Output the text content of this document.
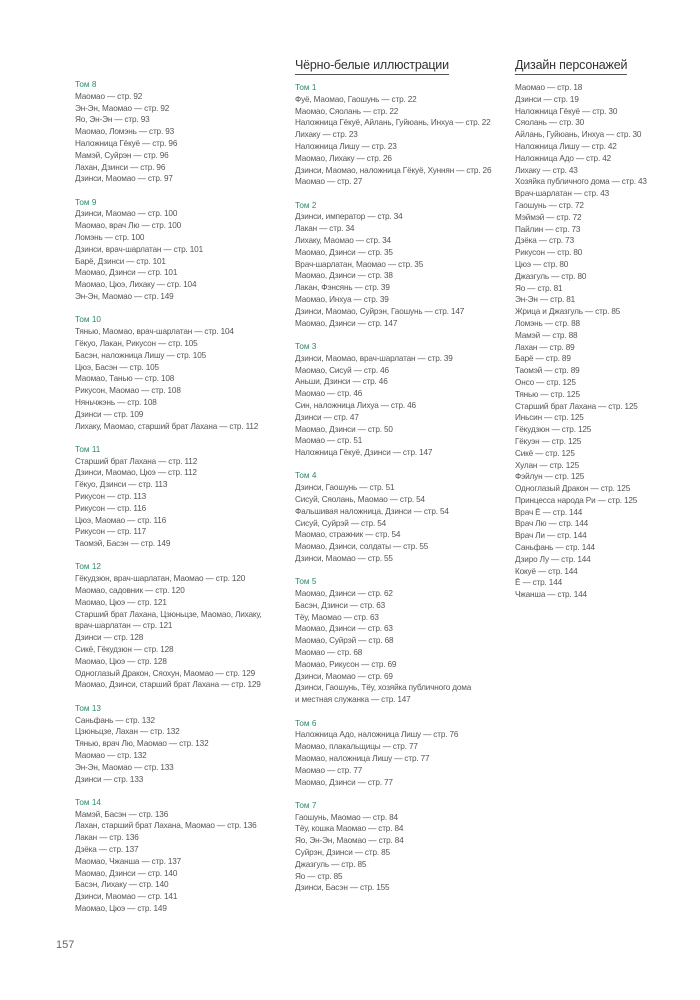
Том 8
Маомао — стр. 92
Эн-Эн, Маомао — стр. 92
Яо, Эн-Эн — стр. 93
Маомао, Ломэнь — стр. 93
Наложница Гёкуё — стр. 96
Мамэй, Суйрэн — стр. 96
Лахан, Дзинси — стр. 96
Дзинси, Маомао — стр. 97
Том 9
Дзинси, Маомао — стр. 100
Маомао, врач Лю — стр. 100
Ломэнь — стр. 100
Дзинси, врач-шарлатан — стр. 101
Барё, Дзинси — стр. 101
Маомао, Дзинси — стр. 101
Маомао, Цюэ, Лихаку — стр. 104
Эн-Эн, Маомао — стр. 149
Том 10
Тянью, Маомао, врач-шарлатан — стр. 104
Гёкуо, Лакан, Рикусон — стр. 105
Басэн, наложница Лишу — стр. 105
Цюэ, Басэн — стр. 105
Маомао, Танью — стр. 108
Рикусон, Маомао — стр. 108
Няньчжэнь — стр. 108
Дзинси — стр. 109
Лихаку, Маомао, старший брат Лахана — стр. 112
Том 11
Старший брат Лахана — стр. 112
Дзинси, Маомао, Цюэ — стр. 112
Гёкуо, Дзинси — стр. 113
Рикусон — стр. 113
Рикусон — стр. 116
Цюэ, Маомао — стр. 116
Рикусон — стр. 117
Таомэй, Басэн — стр. 149
Том 12
Гёкудзюн, врач-шарлатан, Маомао — стр. 120
Маомао, садовник — стр. 120
Маомао, Цюэ — стр. 121
Старший брат Лахана, Цзюньцзе, Маомао, Лихаку,
врач-шарлатан — стр. 121
Дзинси — стр. 128
Сикё, Гёкудзюн — стр. 128
Маомао, Цюэ — стр. 128
Одноглазый Дракон, Сяохун, Маомао — стр. 129
Маомао, Дзинси, старший брат Лахана — стр. 129
Том 13
Саньфань — стр. 132
Цзюньцзе, Лахан — стр. 132
Тянью, врач Лю, Маомао — стр. 132
Маомао — стр. 132
Эн-Эн, Маомао — стр. 133
Дзинси — стр. 133
Том 14
Мамэй, Басэн — стр. 136
Лахан, старший брат Лахана, Маомао — стр. 136
Лакан — стр. 136
Дзёка — стр. 137
Маомао, Чжанша — стр. 137
Маомао, Дзинси — стр. 140
Басэн, Лихаку — стр. 140
Дзинси, Маомао — стр. 141
Маомао, Цюэ — стр. 149
Чёрно-белые иллюстрации
Том 1
Фуё, Маомао, Гаошунь — стр. 22
Маомао, Сяолань — стр. 22
Наложница Гёкуё, Айлань, Гуйюань, Инхуа — стр. 22
Лихаку — стр. 23
Наложница Лишу — стр. 23
Маомао, Лихаку — стр. 26
Дзинси, Маомао, наложница Гёкуё, Хуннян — стр. 26
Маомао — стр. 27
Том 2
Дзинси, император — стр. 34
Лакан — стр. 34
Лихаку, Маомао — стр. 34
Маомао, Дзинси — стр. 35
Врач-шарлатан, Маомао — стр. 35
Маомао, Дзинси — стр. 38
Лакан, Фэнсянь — стр. 39
Маомао, Инхуа — стр. 39
Дзинси, Маомао, Суйрэн, Гаошунь — стр. 147
Маомао, Дзинси — стр. 147
Том 3
Дзинси, Маомао, врач-шарлатан — стр. 39
Маомао, Сисуй — стр. 46
Аньши, Дзинси — стр. 46
Маомао — стр. 46
Син, наложница Лихуа — стр. 46
Дзинси — стр. 47
Маомао, Дзинси — стр. 50
Маомао — стр. 51
Наложница Гёкуё, Дзинси — стр. 147
Том 4
Дзинси, Гаошунь — стр. 51
Сисуй, Сяолань, Маомао — стр. 54
Фальшивая наложница, Дзинси — стр. 54
Сисуй, Суйрэй — стр. 54
Маомао, стражник — стр. 54
Маомао, Дзинси, солдаты — стр. 55
Дзинси, Маомао — стр. 55
Том 5
Маомао, Дзинси — стр. 62
Басэн, Дзинси — стр. 63
Тёу, Маомао — стр. 63
Маомао, Дзинси — стр. 63
Маомао, Суйрэй — стр. 68
Маомао — стр. 68
Маомао, Рикусон — стр. 69
Дзинси, Маомао — стр. 69
Дзинси, Гаошунь, Тёу, хозяйка публичного дома
и местная служанка — стр. 147
Том 6
Наложница Адо, наложница Лишу — стр. 76
Маомао, плакальщицы — стр. 77
Маомао, наложница Лишу — стр. 77
Маомао — стр. 77
Маомао, Дзинси — стр. 77
Том 7
Гаошунь, Маомао — стр. 84
Тёу, кошка Маомао — стр. 84
Яо, Эн-Эн, Маомао — стр. 84
Суйрэн, Дзинси — стр. 85
Джазгуль — стр. 85
Яо — стр. 85
Дзинси, Басэн — стр. 155
Дизайн персонажей
Маомао — стр. 18
Дзинси — стр. 19
Наложница Гёкуё — стр. 30
Сяолань — стр. 30
Айлань, Гуйюань, Инхуа — стр. 30
Наложница Лишу — стр. 42
Наложница Адо — стр. 42
Лихаку — стр. 43
Хозяйка публичного дома — стр. 43
Врач-шарлатан — стр. 43
Гаошунь — стр. 72
Мэймэй — стр. 72
Пайлин — стр. 73
Дзёка — стр. 73
Рикусон — стр. 80
Цюэ — стр. 80
Джазгуль — стр. 80
Яо — стр. 81
Эн-Эн — стр. 81
Жрица и Джазгуль — стр. 85
Ломэнь — стр. 88
Мамэй — стр. 88
Лахан — стр. 89
Барё — стр. 89
Таомэй — стр. 89
Онсо — стр. 125
Тянью — стр. 125
Старший брат Лахана — стр. 125
Иньсин — стр. 125
Гёкудзюн — стр. 125
Гёкуэн — стр. 125
Сикё — стр. 125
Хулан — стр. 125
Фэйлун — стр. 125
Одноглазый Дракон — стр. 125
Принцесса народа Ри — стр. 125
Врач Ё — стр. 144
Врач Лю — стр. 144
Врач Ли — стр. 144
Саньфань — стр. 144
Дзиро Лу — стр. 144
Кокуё — стр. 144
Ё — стр. 144
Чжанша — стр. 144
157
